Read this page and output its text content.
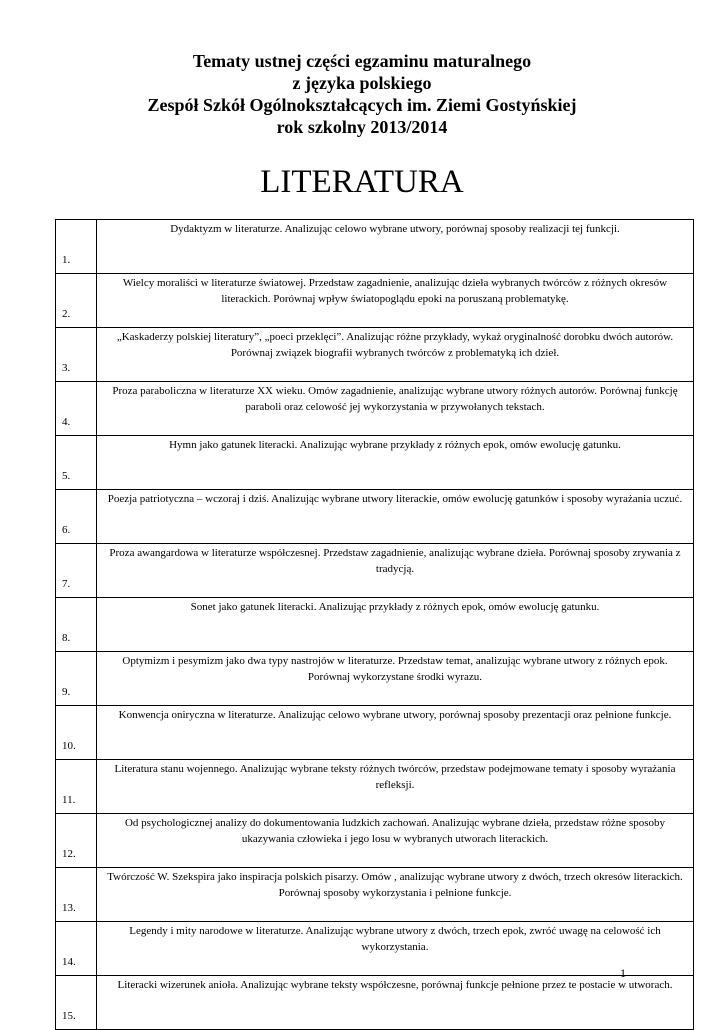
Tematy ustnej części egzaminu maturalnego
z języka polskiego
Zespół Szkół Ogólnokształcących im. Ziemi Gostyńskiej
rok szkolny 2013/2014
LITERATURA
1.	Dydaktyzm w literaturze. Analizując celowo wybrane utwory, porównaj sposoby realizacji tej funkcji.
2.	Wielcy moraliści w literaturze światowej. Przedstaw zagadnienie, analizując dzieła wybranych twórców z różnych okresów literackich. Porównaj wpływ światopoglądu epoki na poruszaną problematykę.
3.	„Kaskaderzy polskiej literatury”, „poeci przeklęci”. Analizując różne przykłady, wykaż oryginalność dorobku dwóch autorów. Porównaj związek biografii wybranych twórców z problematyką ich dzieł.
4.	Proza paraboliczna w literaturze XX wieku. Omów zagadnienie, analizując wybrane utwory różnych autorów. Porównaj funkcję paraboli oraz celowość jej wykorzystania w przywołanych tekstach.
5.	Hymn jako gatunek literacki. Analizując wybrane przykłady z różnych epok, omów ewolucję gatunku.
6.	Poezja patriotyczna – wczoraj i dziś. Analizując wybrane utwory literackie, omów ewolucję gatunków i sposoby wyrażania uczuć.
7.	Proza awangardowa w literaturze współczesnej. Przedstaw zagadnienie, analizując wybrane dzieła. Porównaj sposoby zrywania z tradycją.
8.	Sonet jako gatunek literacki. Analizując przykłady z różnych epok, omów ewolucję gatunku.
9.	Optymizm i pesymizm jako dwa typy nastrojów w literaturze. Przedstaw temat, analizując wybrane utwory z różnych epok. Porównaj wykorzystane środki wyrazu.
10.	Konwencja oniryczna w literaturze. Analizując celowo wybrane utwory, porównaj sposoby prezentacji oraz pełnione funkcje.
11.	Literatura stanu wojennego. Analizując wybrane teksty różnych twórców, przedstaw podejmowane tematy i sposoby wyrażania refleksji.
12.	Od psychologicznej analizy do dokumentowania ludzkich zachowań. Analizując wybrane dzieła, przedstaw różne sposoby ukazywania człowieka i jego losu w wybranych utworach literackich.
13.	Twórczość W. Szekspira jako inspiracja polskich pisarzy. Omów , analizując wybrane utwory z dwóch, trzech okresów literackich. Porównaj sposoby wykorzystania i pełnione funkcje.
14.	Legendy i mity narodowe w literaturze. Analizując wybrane utwory z dwóch, trzech epok, zwróć uwagę na celowość ich wykorzystania.
15.	Literacki wizerunek anioła. Analizując wybrane teksty współczesne, porównaj funkcje pełnione przez te postacie w utworach.
1
